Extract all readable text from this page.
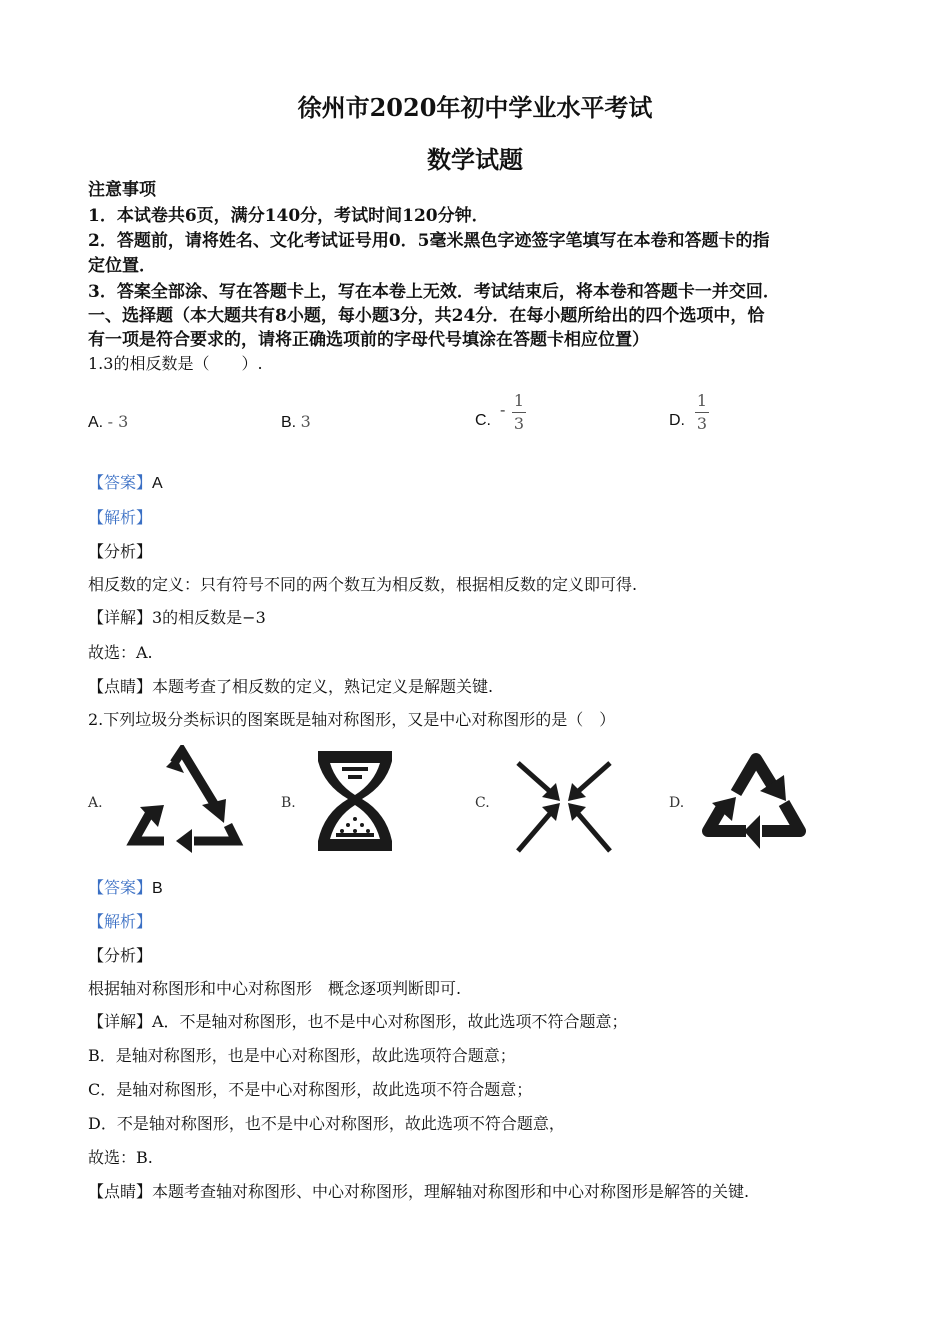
徐州市2020年初中学业水平考试
数学试题
注意事项
1．本试卷共6页，满分140分，考试时间120分钟．
2．答题前，请将姓名、文化考试证号用0．5毫米黑色字迹签字笔填写在本卷和答题卡的指
定位置．
3．答案全部涂、写在答题卡上，写在本卷上无效．考试结束后，将本卷和答题卡一并交回．
一、选择题（本大题共有8小题，每小题3分，共24分．在每小题所给出的四个选项中，恰
有一项是符合要求的，请将正确选项前的字母代号填涂在答题卡相应位置）
1.3的相反数是（　　）.
A. - 3	B. 3	C.
- 1
3	D.
1
3
【答案】A
【解析】
【分析】
相反数的定义：只有符号不同的两个数互为相反数，根据相反数的定义即可得.
【详解】3的相反数是−3
故选：A.
【点睛】本题考查了相反数的定义，熟记定义是解题关键.
2.下列垃圾分类标识的图案既是轴对称图形，又是中心对称图形的是（　）
A.	B.	C.	D.
【答案】B
【解析】
【分析】
根据轴对称图形和中心对称图形　概念逐项判断即可.
【详解】A．不是轴对称图形，也不是中心对称图形，故此选项不符合题意；
B．是轴对称图形，也是中心对称图形，故此选项符合题意；
C．是轴对称图形，不是中心对称图形，故此选项不符合题意；
D．不是轴对称图形，也不是中心对称图形，故此选项不符合题意，
故选：B.
【点睛】本题考查轴对称图形、中心对称图形，理解轴对称图形和中心对称图形是解答的关键.
